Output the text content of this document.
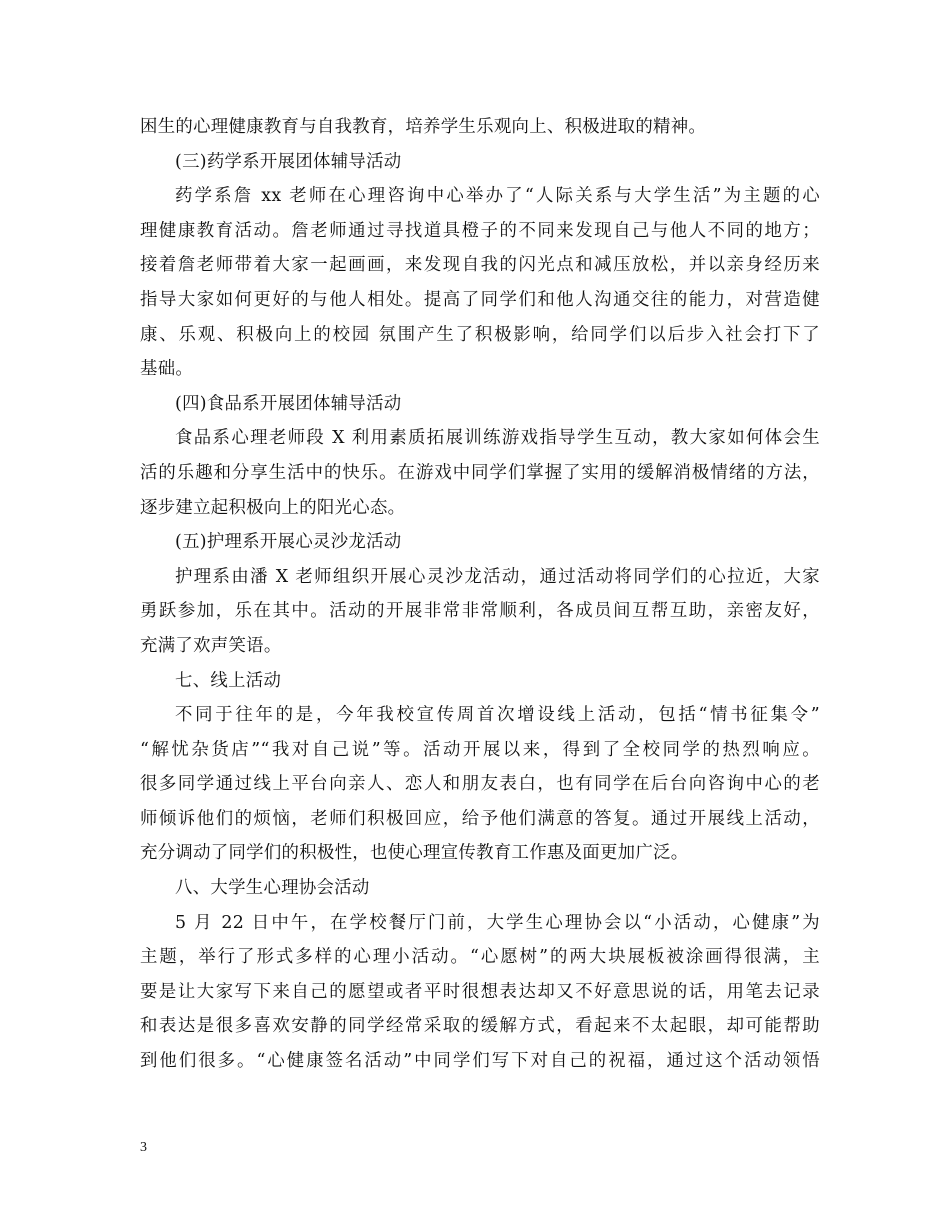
困生的心理健康教育与自我教育，培养学生乐观向上、积极进取的精神。
(三)药学系开展团体辅导活动
药学系詹 xx 老师在心理咨询中心举办了“人际关系与大学生活”为主题的心
理健康教育活动。詹老师通过寻找道具橙子的不同来发现自己与他人不同的地方；
接着詹老师带着大家一起画画，来发现自我的闪光点和减压放松，并以亲身经历来
指导大家如何更好的与他人相处。提高了同学们和他人沟通交往的能力，对营造健
康、乐观、积极向上的校园 氛围产生了积极影响，给同学们以后步入社会打下了
基础。
(四)食品系开展团体辅导活动
食品系心理老师段 X 利用素质拓展训练游戏指导学生互动，教大家如何体会生
活的乐趣和分享生活中的快乐。在游戏中同学们掌握了实用的缓解消极情绪的方法，
逐步建立起积极向上的阳光心态。
(五)护理系开展心灵沙龙活动
护理系由潘 X 老师组织开展心灵沙龙活动，通过活动将同学们的心拉近，大家
勇跃参加，乐在其中。活动的开展非常非常顺利，各成员间互帮互助，亲密友好，
充满了欢声笑语。
七、线上活动
不同于往年的是，今年我校宣传周首次增设线上活动，包括“情书征集令”
“解忧杂货店”“我对自己说”等。活动开展以来，得到了全校同学的热烈响应。
很多同学通过线上平台向亲人、恋人和朋友表白，也有同学在后台向咨询中心的老
师倾诉他们的烦恼，老师们积极回应，给予他们满意的答复。通过开展线上活动，
充分调动了同学们的积极性，也使心理宣传教育工作惠及面更加广泛。
八、大学生心理协会活动
5 月 22 日中午，在学校餐厅门前，大学生心理协会以“小活动，心健康”为
主题，举行了形式多样的心理小活动。“心愿树”的两大块展板被涂画得很满，主
要是让大家写下来自己的愿望或者平时很想表达却又不好意思说的话，用笔去记录
和表达是很多喜欢安静的同学经常采取的缓解方式，看起来不太起眼，却可能帮助
到他们很多。“心健康签名活动”中同学们写下对自己的祝福，通过这个活动领悟
3
